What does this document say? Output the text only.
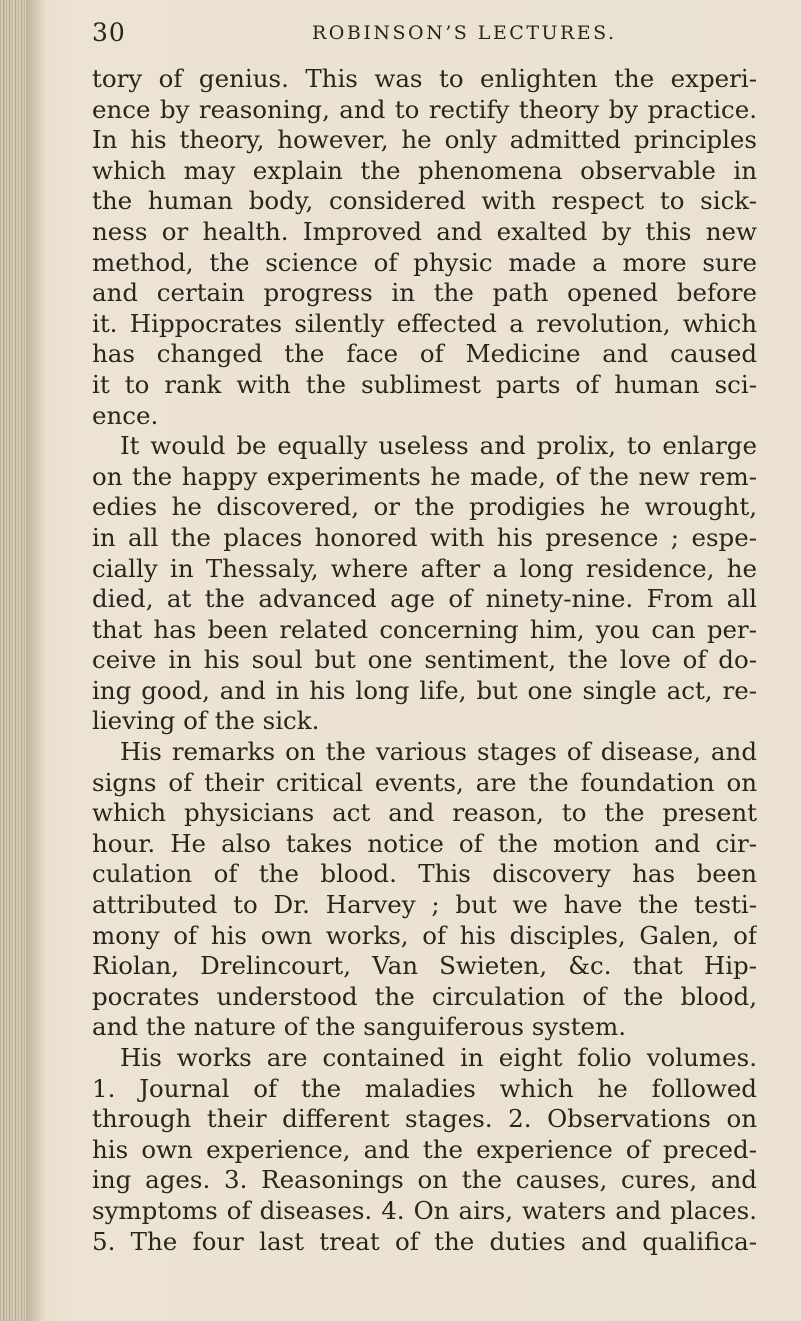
30	ROBINSON’S LECTURES.
tory of genius. This was to enlighten the experi-
ence by reasoning, and to rectify theory by practice.
In his theory, however, he only admitted principles
which may explain the phenomena observable in
the human body, considered with respect to sick-
ness or health. Improved and exalted by this new
method, the science of physic made a more sure
and certain progress in the path opened before
it. Hippocrates silently effected a revolution, which
has changed the face of Medicine and caused
it to rank with the sublimest parts of human sci-
ence.
It would be equally useless and prolix, to enlarge
on the happy experiments he made, of the new rem-
edies he discovered, or the prodigies he wrought,
in all the places honored with his presence ; espe-
cially in Thessaly, where after a long residence, he
died, at the advanced age of ninety-nine. From all
that has been related concerning him, you can per-
ceive in his soul but one sentiment, the love of do-
ing good, and in his long life, but one single act, re-
lieving of the sick.
His remarks on the various stages of disease, and
signs of their critical events, are the foundation on
which physicians act and reason, to the present
hour. He also takes notice of the motion and cir-
culation of the blood. This discovery has been
attributed to Dr. Harvey ; but we have the testi-
mony of his own works, of his disciples, Galen, of
Riolan, Drelincourt, Van Swieten, &c. that Hip-
pocrates understood the circulation of the blood,
and the nature of the sanguiferous system.
His works are contained in eight folio volumes.
1. Journal of the maladies which he followed
through their different stages. 2. Observations on
his own experience, and the experience of preced-
ing ages. 3. Reasonings on the causes, cures, and
symptoms of diseases. 4. On airs, waters and places.
5. The four last treat of the duties and qualifica-
